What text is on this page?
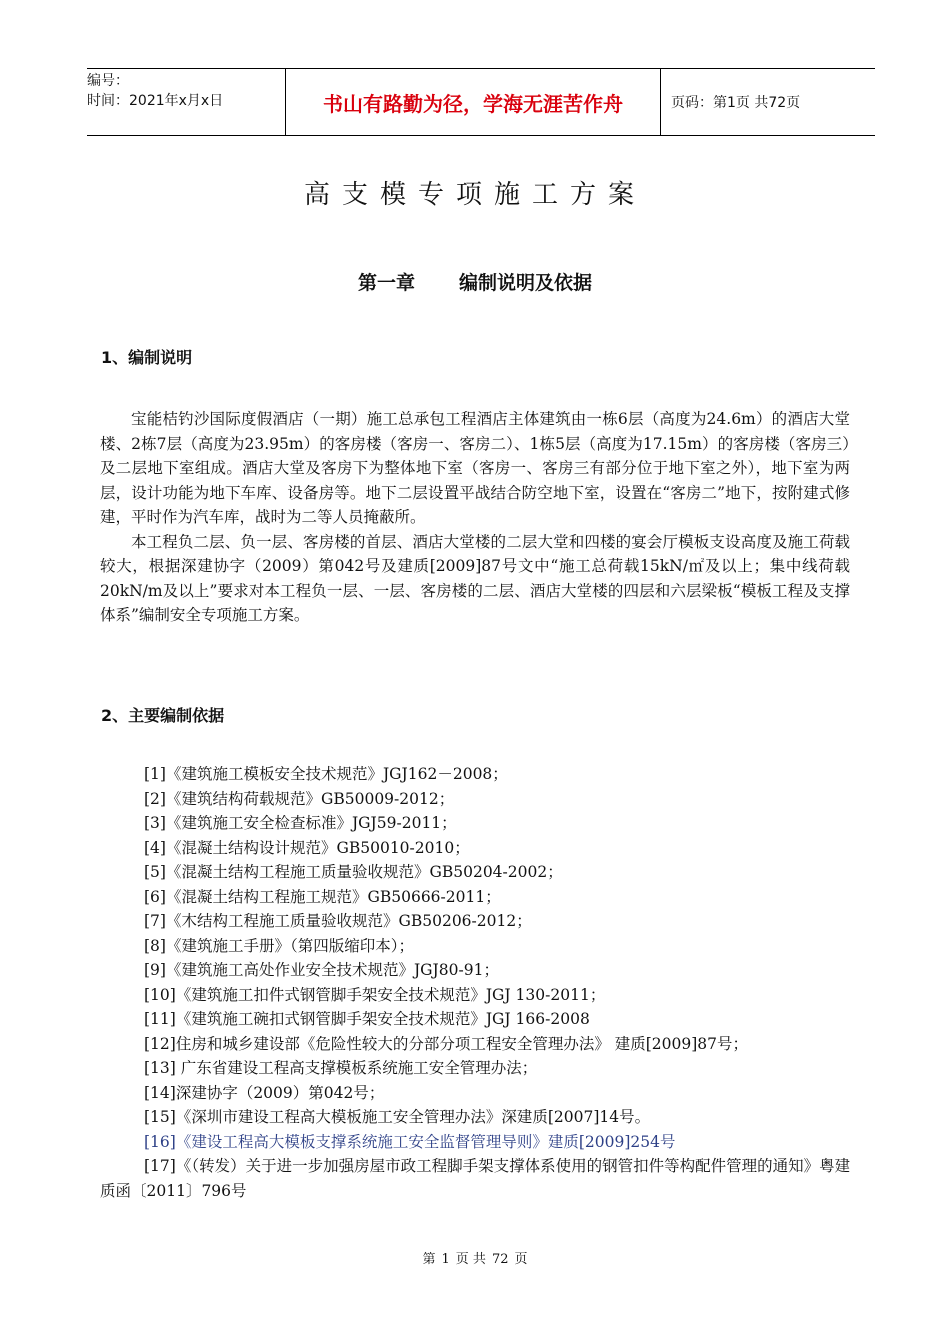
编号：
时间：2021年x月x日	书山有路勤为径，学海无涯苦作舟	页码：第1页 共72页
高支模专项施工方案
第一章 编制说明及依据
1、编制说明

宝能桔钓沙国际度假酒店（一期）施工总承包工程酒店主体建筑由一栋6层（高度为24.6m）的酒店大堂楼、2栋7层（高度为23.95m）的客房楼（客房一、客房二）、1栋5层（高度为17.15m）的客房楼（客房三）及二层地下室组成。酒店大堂及客房下为整体地下室（客房一、客房三有部分位于地下室之外），地下室为两层，设计功能为地下车库、设备房等。地下二层设置平战结合防空地下室，设置在“客房二”地下，按附建式修建，平时作为汽车库，战时为二等人员掩蔽所。

本工程负二层、负一层、客房楼的首层、酒店大堂楼的二层大堂和四楼的宴会厅模板支设高度及施工荷载较大，根据深建协字（2009）第042号及建质[2009]87号文中“施工总荷载15kN/㎡及以上；集中线荷载20kN/m及以上”要求对本工程负一层、一层、客房楼的二层、酒店大堂楼的四层和六层梁板“模板工程及支撑体系”编制安全专项施工方案。

2、主要编制依据
[1]《建筑施工模板安全技术规范》JGJ162－2008；
[2]《建筑结构荷载规范》GB50009-2012；
[3]《建筑施工安全检查标准》JGJ59-2011；
[4]《混凝土结构设计规范》GB50010-2010；
[5]《混凝土结构工程施工质量验收规范》GB50204-2002；
[6]《混凝土结构工程施工规范》GB50666-2011；
[7]《木结构工程施工质量验收规范》GB50206-2012；
[8]《建筑施工手册》（第四版缩印本）；
[9]《建筑施工高处作业安全技术规范》JGJ80-91；
[10]《建筑施工扣件式钢管脚手架安全技术规范》JGJ 130-2011；
[11]《建筑施工碗扣式钢管脚手架安全技术规范》JGJ 166-2008
[12]住房和城乡建设部《危险性较大的分部分项工程安全管理办法》 建质[2009]87号；
[13] 广东省建设工程高支撑模板系统施工安全管理办法；
[14]深建协字（2009）第042号；
[15]《深圳市建设工程高大模板施工安全管理办法》深建质[2007]14号。
[16]《建设工程高大模板支撑系统施工安全监督管理导则》建质[2009]254号
[17]《（转发）关于进一步加强房屋市政工程脚手架支撑体系使用的钢管扣件等构配件管理的通知》粤建质函〔2011〕796号
第 1 页 共 72 页
